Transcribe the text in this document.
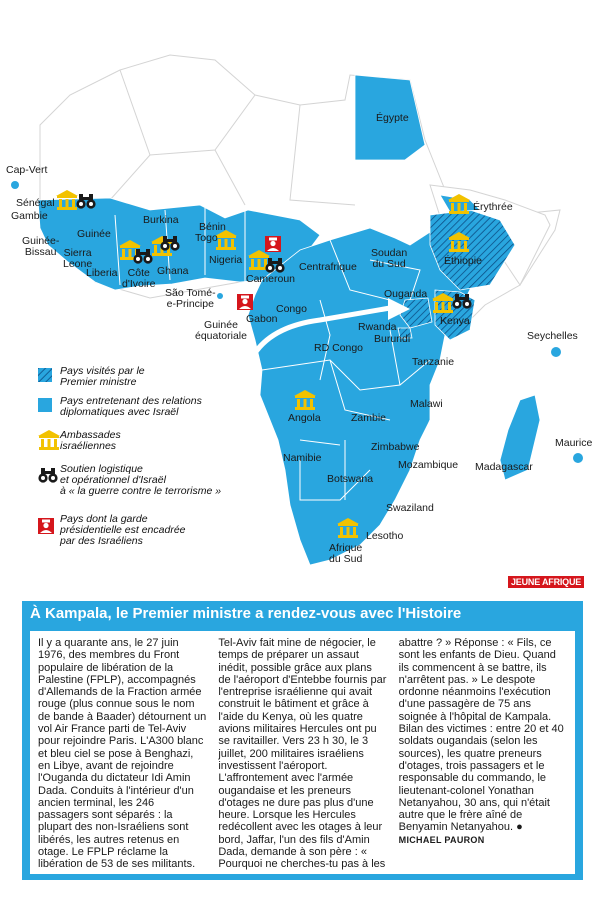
Cap-Vert
Sénégal
Gambie
Guinée-
Bissau
Guinée
Sierra
Leone
Liberia Côte
d'Ivoire
Burkina
Ghana
Bénin
Togo
Nigeria
Cameroun
São Tomé-
e-Principe
Gabon
Congo
Guinée
équatoriale
Centrafrique
Égypte
Érythrée
Éthiopie
Soudan
du Sud
Ouganda
Kenya
Rwanda
Burundi
RD Congo
Tanzanie
Seychelles
Malawi
Angola	Zambie
Zimbabwe
Namibie
Botswana
Mozambique Madagascar
Maurice
Swaziland
Lesotho
Afrique
du Sud
Pays visités par le
Premier ministre
Pays entretenant des relations
diplomatiques avec Israël
Ambassades
israéliennes
Soutien logistique
et opérationnel d'Israël
à « la guerre contre le terrorisme »
Pays dont la garde
présidentielle est encadrée
par des Israéliens
JEUNE AFRIQUE
À Kampala, le Premier ministre a rendez-vous avec l'Histoire
Il y a quarante ans, le 27 juin 1976, des membres du Front populaire de libération de la Palestine (FPLP), accompagnés d'Allemands de la Fraction armée rouge (plus connue sous le nom de bande à Baader) détournent un vol Air France parti de Tel-Aviv pour rejoindre Paris. L'A300 blanc et bleu ciel se pose à Benghazi, en Libye, avant de rejoindre l'Ouganda du dictateur Idi Amin Dada. Conduits à l'intérieur d'un ancien terminal, les 246 passagers sont séparés : la plupart des non-Israéliens sont libérés, les autres retenus en otage. Le FPLP réclame la libération de 53 de ses militants. Tel-Aviv fait mine de négocier, le temps de préparer un assaut inédit, possible grâce aux plans de l'aéroport d'Entebbe fournis par l'entreprise israélienne qui avait construit le bâtiment et grâce à l'aide du Kenya, où les quatre avions militaires Hercules ont pu se ravitailler. Vers 23 h 30, le 3 juillet, 200 militaires israéliens investissent l'aéroport. L'affrontement avec l'armée ougandaise et les preneurs d'otages ne dure pas plus d'une heure. Lorsque les Hercules redécollent avec les otages à leur bord, Jaffar, l'un des fils d'Amin Dada, demande à son père : « Pourquoi ne cherches-tu pas à les abattre ? » Réponse : « Fils, ce sont les enfants de Dieu. Quand ils commencent à se battre, ils n'arrêtent pas. » Le despote ordonne néanmoins l'exécution d'une passagère de 75 ans soignée à l'hôpital de Kampala. Bilan des victimes : entre 20 et 40 soldats ougandais (selon les sources), les quatre preneurs d'otages, trois passagers et le responsable du commando, le lieutenant-colonel Yonathan Netanyahou, 30 ans, qui n'était autre que le frère aîné de Benyamin Netanyahou. ● MICHAEL PAURON
